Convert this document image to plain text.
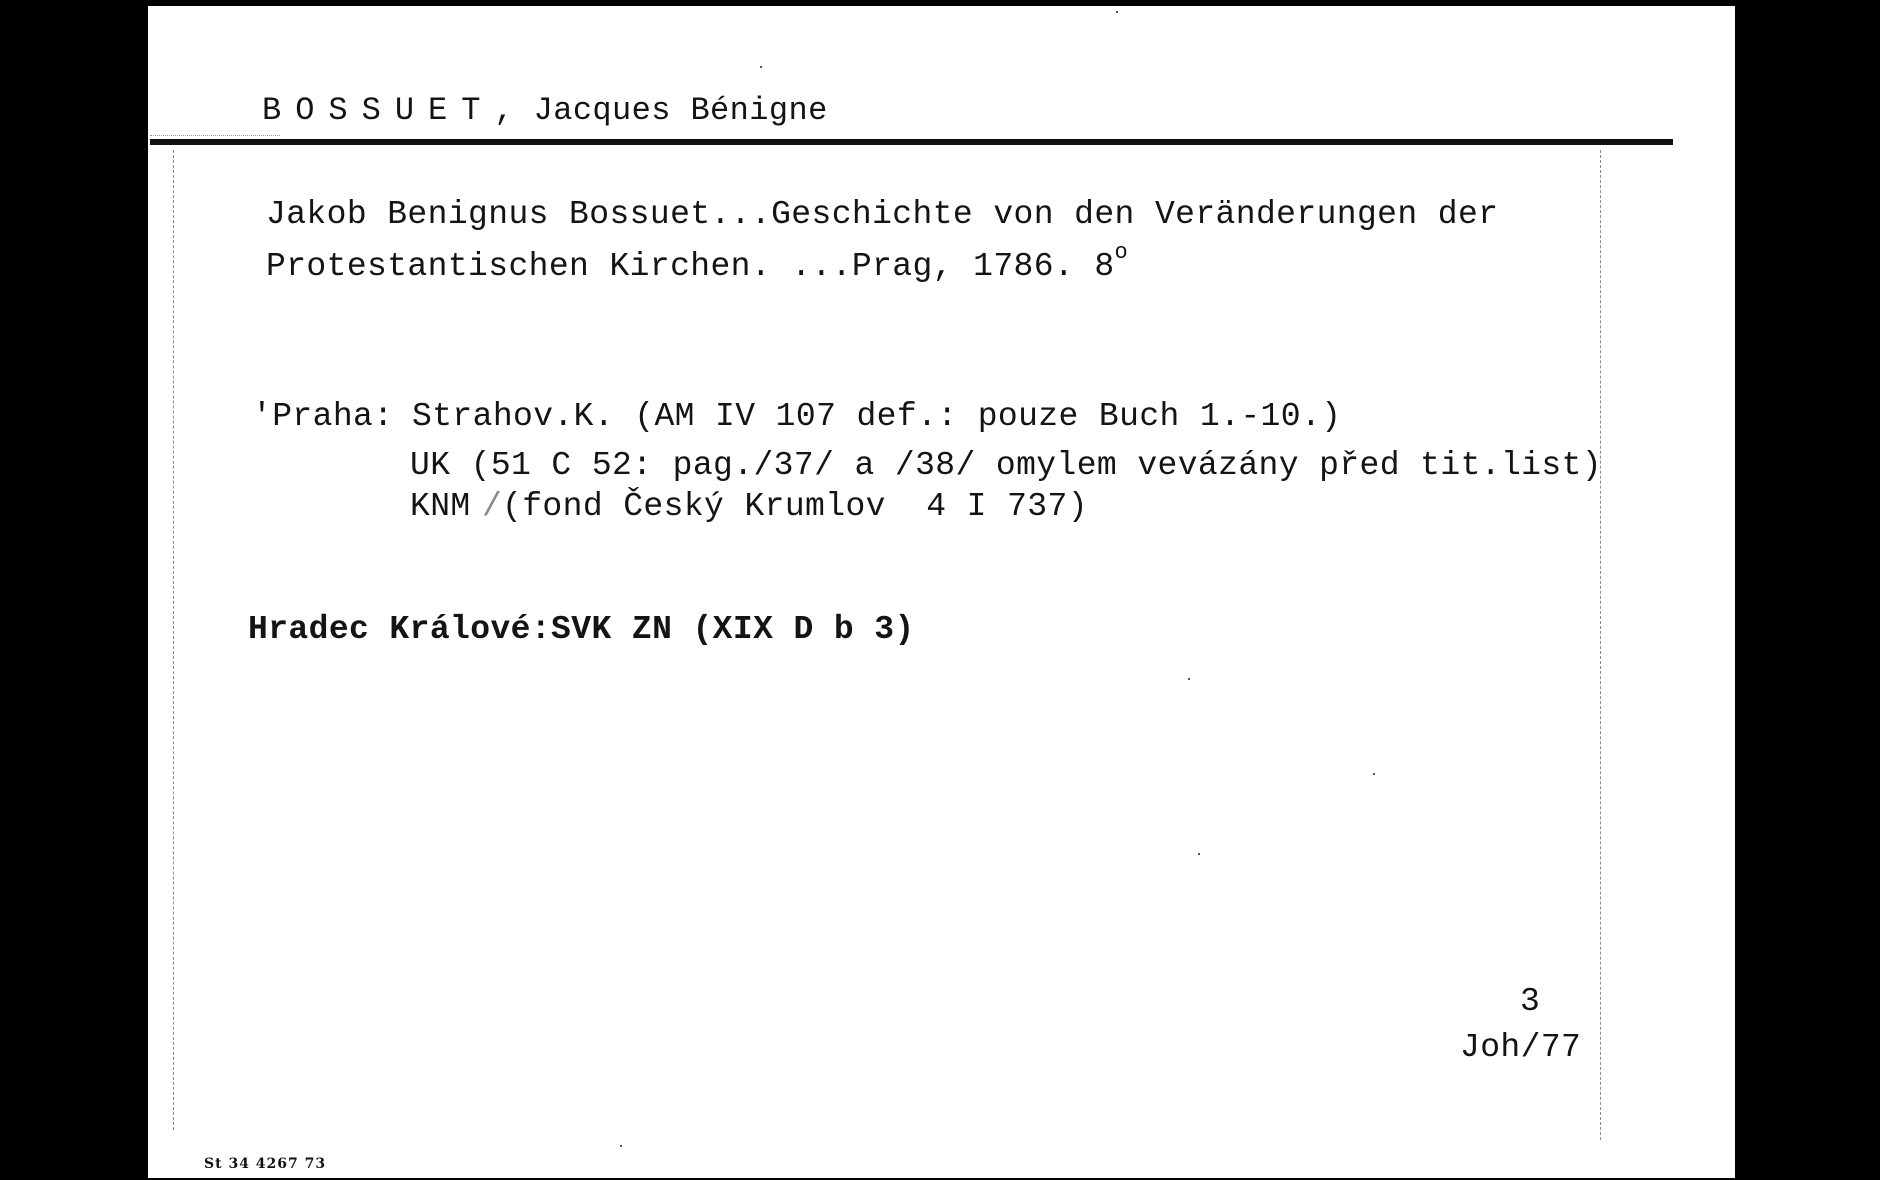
BOSSUET, Jacques Bénigne
Jakob Benignus Bossuet...Geschichte von den Veränderungen der
Protestantischen Kirchen. ...Prag, 1786. 8$^o$
'Praha: Strahov.K. (AM IV 107 def.: pouze Buch 1.-10.)
UK (51 C 52: pag./37/ a /38/ omylem vevázány před tit.list)
KNM / (fond Český Krumlov  4 I 737)
Hradec Králové:SVK ZN (XIX D b 3)
3
Joh/77
St 34 4267 73
